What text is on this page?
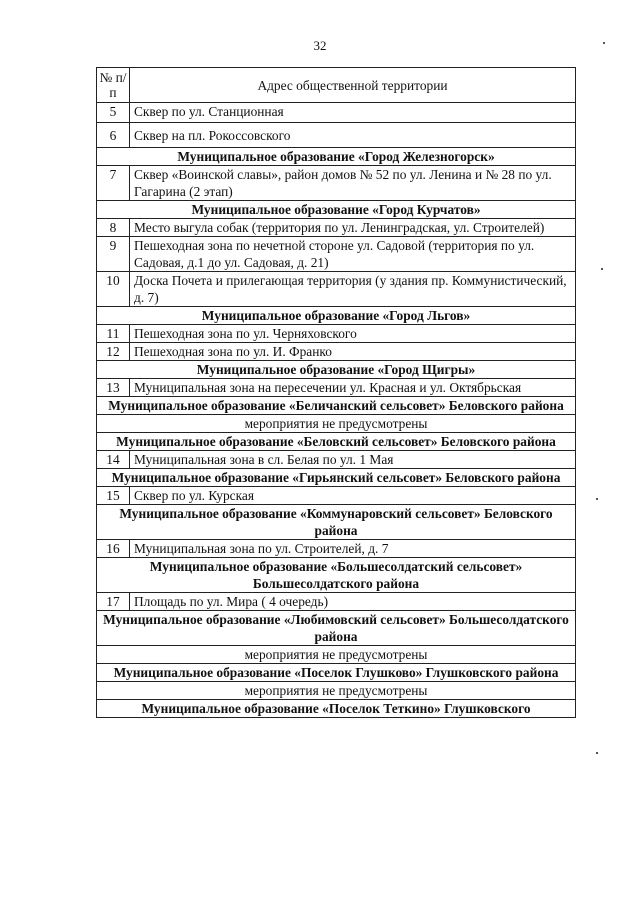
32
№ п/п	Адрес общественной территории
5	Сквер по ул. Станционная
6	Сквер на пл. Рокоссовского
Муниципальное образование «Город Железногорск»	
7	Сквер «Воинской славы», район домов № 52 по ул. Ленина и № 28 по ул. Гагарина (2 этап)
Муниципальное образование «Город Курчатов»	
8	Место выгула собак (территория по ул. Ленинградская, ул. Строителей)
9	Пешеходная зона по нечетной стороне ул. Садовой (территория по ул. Садовая, д.1 до ул. Садовая, д. 21)
10	Доска Почета и прилегающая территория (у здания пр. Коммунистический, д. 7)
Муниципальное образование «Город Льгов»	
11	Пешеходная зона по ул. Черняховского
12	Пешеходная зона по ул. И. Франко
Муниципальное образование «Город Щигры»	
13	Муниципальная зона на пересечении ул. Красная и ул. Октябрьская
Муниципальное образование «Беличанский сельсовет» Беловского района	
мероприятия не предусмотрены	
Муниципальное образование «Беловский сельсовет» Беловского района	
14	Муниципальная зона в сл. Белая по ул. 1 Мая
Муниципальное образование «Гирьянский сельсовет» Беловского района	
15	Сквер по ул. Курская
Муниципальное образование «Коммунаровский сельсовет» Беловского района	
16	Муниципальная зона по ул. Строителей, д. 7
Муниципальное образование «Большесолдатский сельсовет» Большесолдатского района	
17	Площадь по ул. Мира ( 4 очередь)
Муниципальное образование «Любимовский сельсовет» Большесолдатского района	
мероприятия не предусмотрены	
Муниципальное образование «Поселок Глушково» Глушковского района	
мероприятия не предусмотрены	
Муниципальное образование «Поселок Теткино» Глушковского	
